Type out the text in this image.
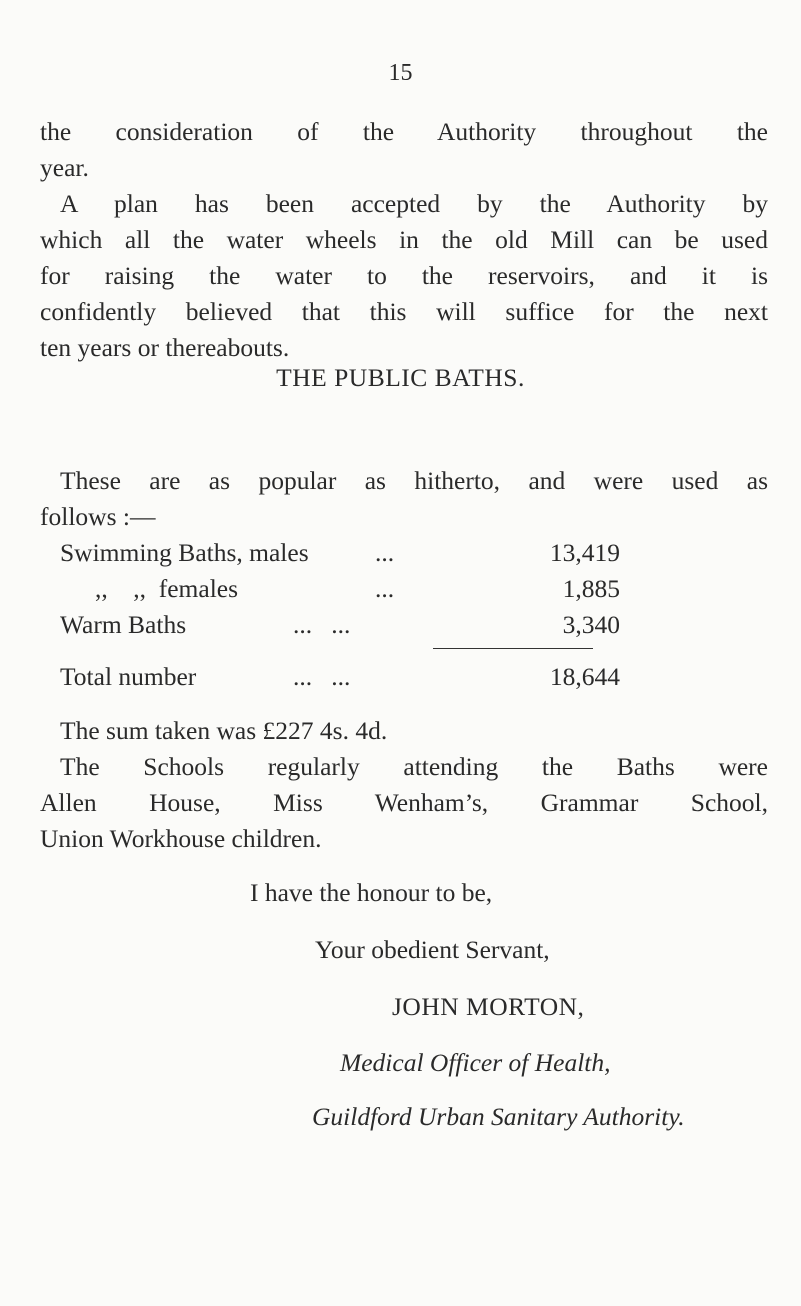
15

the consideration of the Authority throughout the
year.

A plan has been accepted by the Authority by
which all the water wheels in the old Mill can be used
for raising the water to the reservoirs, and it is
confidently believed that this will suffice for the next
ten years or thereabouts.

THE PUBLIC BATHS.

These are as popular as hitherto, and were used as
follows :—

Swimming Baths, males	...	13,419
,,    ,,  females	...	1,885
Warm Baths	...   ...	3,340
Total number	...   ...	18,644

The sum taken was £227 4s. 4d.

The Schools regularly attending the Baths were
Allen House, Miss Wenham’s, Grammar School,
Union Workhouse children.

I have the honour to be,
Your obedient Servant,
JOHN MORTON,
Medical Officer of Health,
Guildford Urban Sanitary Authority.
